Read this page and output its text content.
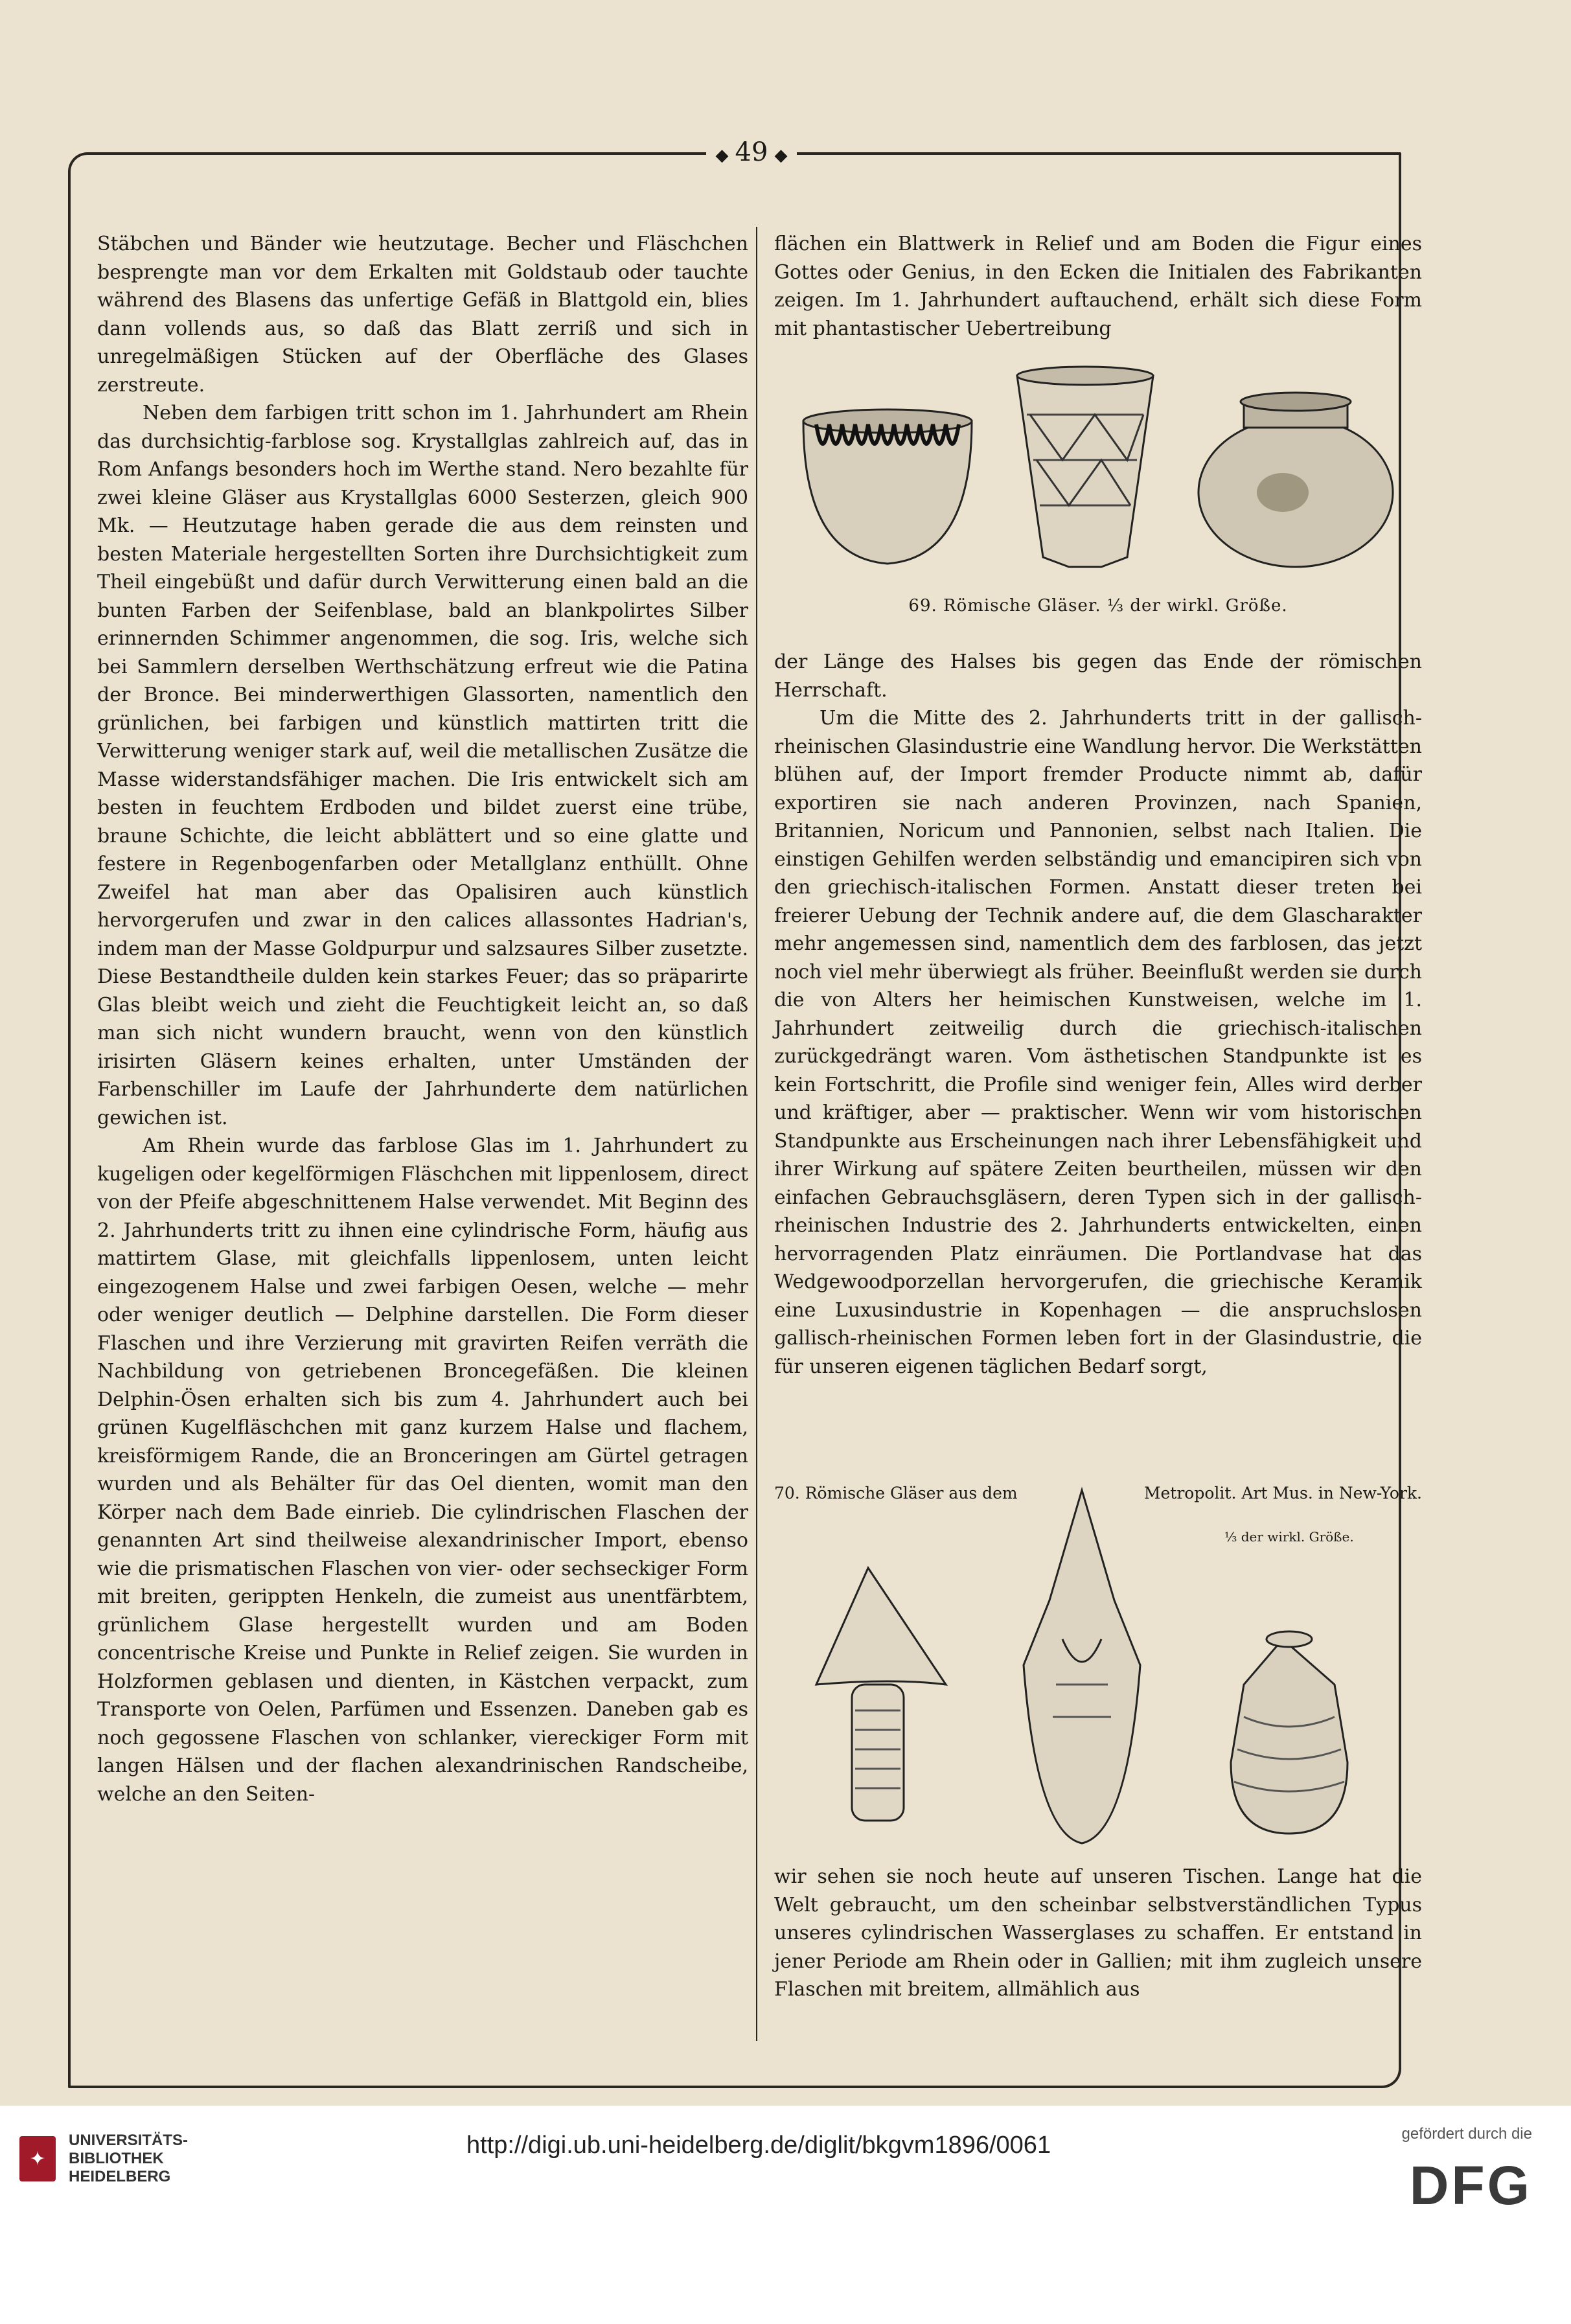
◆ 49 ◆

Stäbchen und Bänder wie heutzutage. Becher und Fläschchen besprengte man vor dem Erkalten mit Goldstaub oder tauchte während des Blasens das unfertige Gefäß in Blattgold ein, blies dann vollends aus, so daß das Blatt zerriß und sich in unregelmäßigen Stücken auf der Oberfläche des Glases zerstreute.

Neben dem farbigen tritt schon im 1. Jahrhundert am Rhein das durchsichtig-farblose sog. Krystallglas zahlreich auf, das in Rom Anfangs besonders hoch im Werthe stand. Nero bezahlte für zwei kleine Gläser aus Krystallglas 6000 Sesterzen, gleich 900 Mk. — Heutzutage haben gerade die aus dem reinsten und besten Materiale hergestellten Sorten ihre Durchsichtigkeit zum Theil eingebüßt und dafür durch Verwitterung einen bald an die bunten Farben der Seifenblase, bald an blankpolirtes Silber erinnernden Schimmer angenommen, die sog. Iris, welche sich bei Sammlern derselben Werthschätzung erfreut wie die Patina der Bronce. Bei minderwerthigen Glassorten, namentlich den grünlichen, bei farbigen und künstlich mattirten tritt die Verwitterung weniger stark auf, weil die metallischen Zusätze die Masse widerstandsfähiger machen. Die Iris entwickelt sich am besten in feuchtem Erdboden und bildet zuerst eine trübe, braune Schichte, die leicht abblättert und so eine glatte und festere in Regenbogenfarben oder Metallglanz enthüllt. Ohne Zweifel hat man aber das Opalisiren auch künstlich hervorgerufen und zwar in den calices allassontes Hadrian's, indem man der Masse Goldpurpur und salzsaures Silber zusetzte. Diese Bestandtheile dulden kein starkes Feuer; das so präparirte Glas bleibt weich und zieht die Feuchtigkeit leicht an, so daß man sich nicht wundern braucht, wenn von den künstlich irisirten Gläsern keines erhalten, unter Umständen der Farbenschiller im Laufe der Jahrhunderte dem natürlichen gewichen ist.

Am Rhein wurde das farblose Glas im 1. Jahrhundert zu kugeligen oder kegelförmigen Fläschchen mit lippenlosem, direct von der Pfeife abgeschnittenem Halse verwendet. Mit Beginn des 2. Jahrhunderts tritt zu ihnen eine cylindrische Form, häufig aus mattirtem Glase, mit gleichfalls lippenlosem, unten leicht eingezogenem Halse und zwei farbigen Oesen, welche — mehr oder weniger deutlich — Delphine darstellen. Die Form dieser Flaschen und ihre Verzierung mit gravirten Reifen verräth die Nachbildung von getriebenen Broncegefäßen. Die kleinen Delphin-Ösen erhalten sich bis zum 4. Jahrhundert auch bei grünen Kugelfläschchen mit ganz kurzem Halse und flachem, kreisförmigem Rande, die an Bronceringen am Gürtel getragen wurden und als Behälter für das Oel dienten, womit man den Körper nach dem Bade einrieb. Die cylindrischen Flaschen der genannten Art sind theilweise alexandrinischer Import, ebenso wie die prismatischen Flaschen von vier- oder sechseckiger Form mit breiten, gerippten Henkeln, die zumeist aus unentfärbtem, grünlichem Glase hergestellt wurden und am Boden concentrische Kreise und Punkte in Relief zeigen. Sie wurden in Holzformen geblasen und dienten, in Kästchen verpackt, zum Transporte von Oelen, Parfümen und Essenzen. Daneben gab es noch gegossene Flaschen von schlanker, viereckiger Form mit langen Hälsen und der flachen alexandrinischen Randscheibe, welche an den Seiten-

flächen ein Blattwerk in Relief und am Boden die Figur eines Gottes oder Genius, in den Ecken die Initialen des Fabrikanten zeigen. Im 1. Jahrhundert auftauchend, erhält sich diese Form mit phantastischer Uebertreibung

69. Römische Gläser. ⅓ der wirkl. Größe.

der Länge des Halses bis gegen das Ende der römischen Herrschaft.

Um die Mitte des 2. Jahrhunderts tritt in der gallisch-rheinischen Glasindustrie eine Wandlung hervor. Die Werkstätten blühen auf, der Import fremder Producte nimmt ab, dafür exportiren sie nach anderen Provinzen, nach Spanien, Britannien, Noricum und Pannonien, selbst nach Italien. Die einstigen Gehilfen werden selbständig und emancipiren sich von den griechisch-italischen Formen. Anstatt dieser treten bei freierer Uebung der Technik andere auf, die dem Glascharakter mehr angemessen sind, namentlich dem des farblosen, das jetzt noch viel mehr überwiegt als früher. Beeinflußt werden sie durch die von Alters her heimischen Kunstweisen, welche im 1. Jahrhundert zeitweilig durch die griechisch-italischen zurückgedrängt waren. Vom ästhetischen Standpunkte ist es kein Fortschritt, die Profile sind weniger fein, Alles wird derber und kräftiger, aber — praktischer. Wenn wir vom historischen Standpunkte aus Erscheinungen nach ihrer Lebensfähigkeit und ihrer Wirkung auf spätere Zeiten beurtheilen, müssen wir den einfachen Gebrauchsgläsern, deren Typen sich in der gallisch-rheinischen Industrie des 2. Jahrhunderts entwickelten, einen hervorragenden Platz einräumen. Die Portlandvase hat das Wedgewoodporzellan hervorgerufen, die griechische Keramik eine Luxusindustrie in Kopenhagen — die anspruchslosen gallisch-rheinischen Formen leben fort in der Glasindustrie, die für unseren eigenen täglichen Bedarf sorgt,

70. Römische Gläser aus dem	Metropolit. Art Mus. in New-York.
⅓ der wirkl. Größe.

wir sehen sie noch heute auf unseren Tischen. Lange hat die Welt gebraucht, um den scheinbar selbstverständlichen Typus unseres cylindrischen Wasserglases zu schaffen. Er entstand in jener Periode am Rhein oder in Gallien; mit ihm zugleich unsere Flaschen mit breitem, allmählich aus

✦
UNIVERSITÄTS-
BIBLIOTHEK
HEIDELBERG
http://digi.ub.uni-heidelberg.de/diglit/bkgvm1896/0061	gefördert durch die
DFG
